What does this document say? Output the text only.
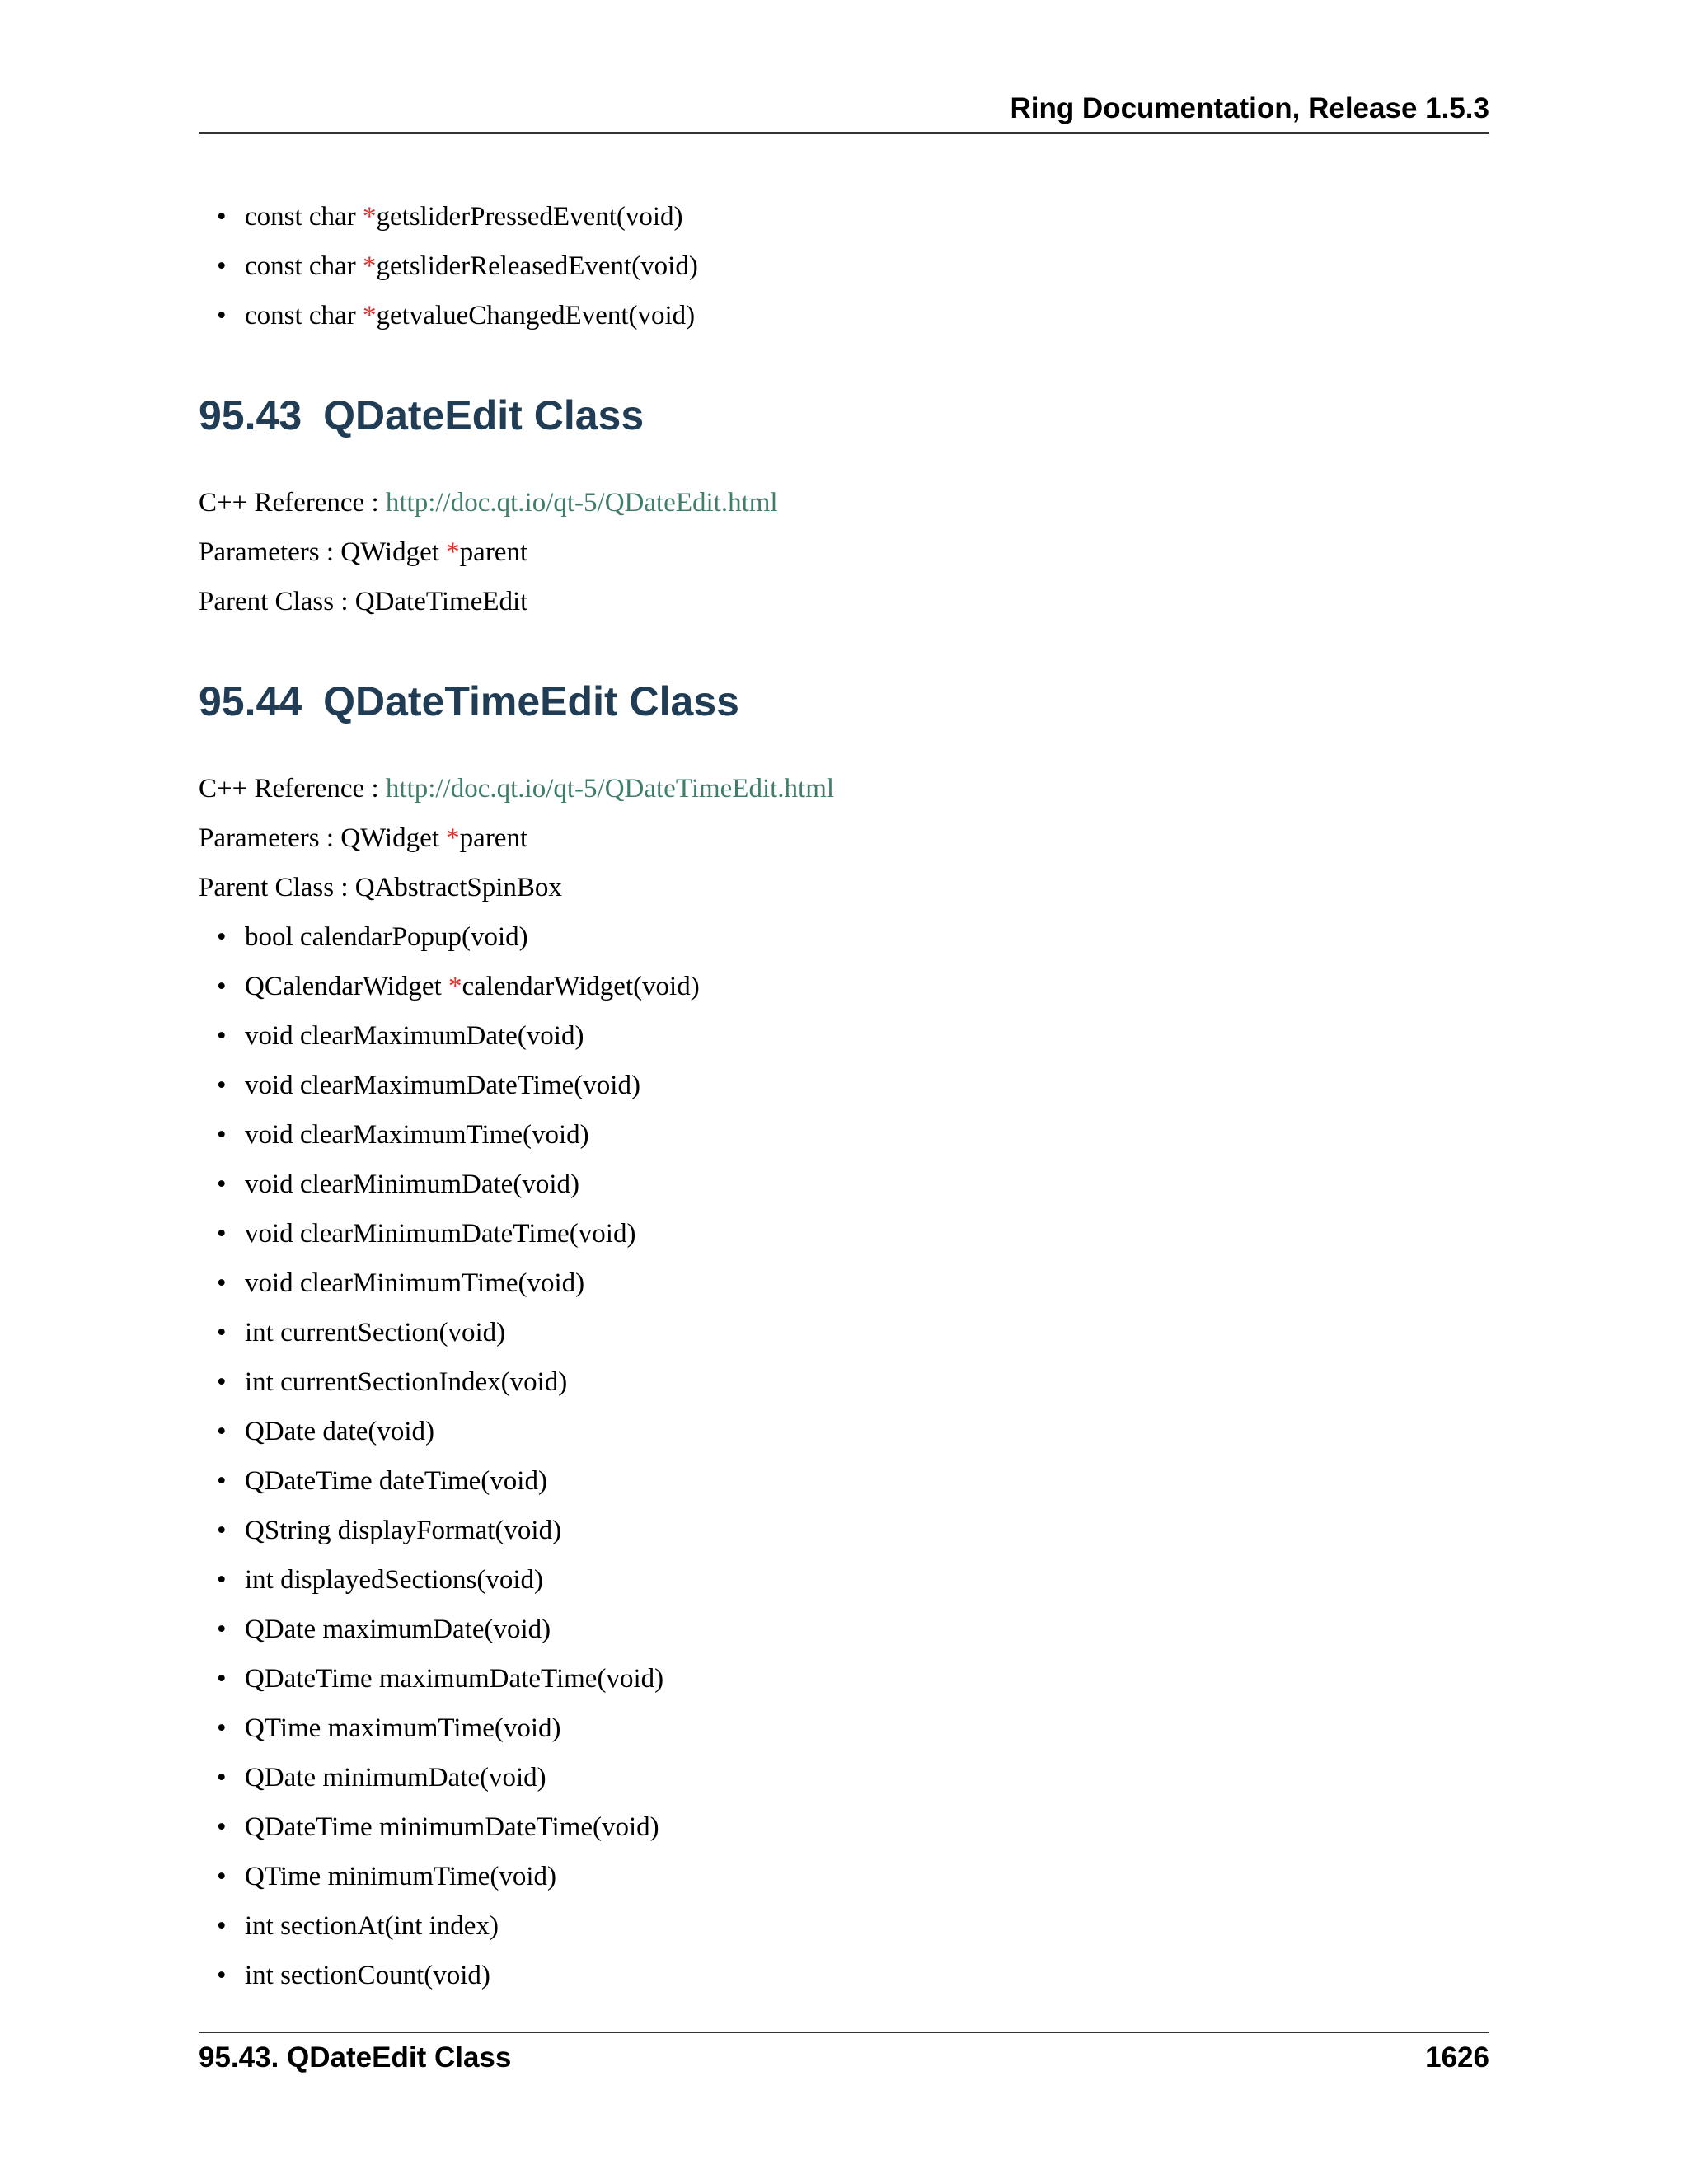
Ring Documentation, Release 1.5.3
• const char *getsliderPressedEvent(void)
• const char *getsliderReleasedEvent(void)
• const char *getvalueChangedEvent(void)
95.43 QDateEdit Class
C++ Reference : http://doc.qt.io/qt-5/QDateEdit.html
Parameters : QWidget *parent
Parent Class : QDateTimeEdit
95.44 QDateTimeEdit Class
C++ Reference : http://doc.qt.io/qt-5/QDateTimeEdit.html
Parameters : QWidget *parent
Parent Class : QAbstractSpinBox
• bool calendarPopup(void)
• QCalendarWidget *calendarWidget(void)
• void clearMaximumDate(void)
• void clearMaximumDateTime(void)
• void clearMaximumTime(void)
• void clearMinimumDate(void)
• void clearMinimumDateTime(void)
• void clearMinimumTime(void)
• int currentSection(void)
• int currentSectionIndex(void)
• QDate date(void)
• QDateTime dateTime(void)
• QString displayFormat(void)
• int displayedSections(void)
• QDate maximumDate(void)
• QDateTime maximumDateTime(void)
• QTime maximumTime(void)
• QDate minimumDate(void)
• QDateTime minimumDateTime(void)
• QTime minimumTime(void)
• int sectionAt(int index)
• int sectionCount(void)
95.43. QDateEdit Class	1626
